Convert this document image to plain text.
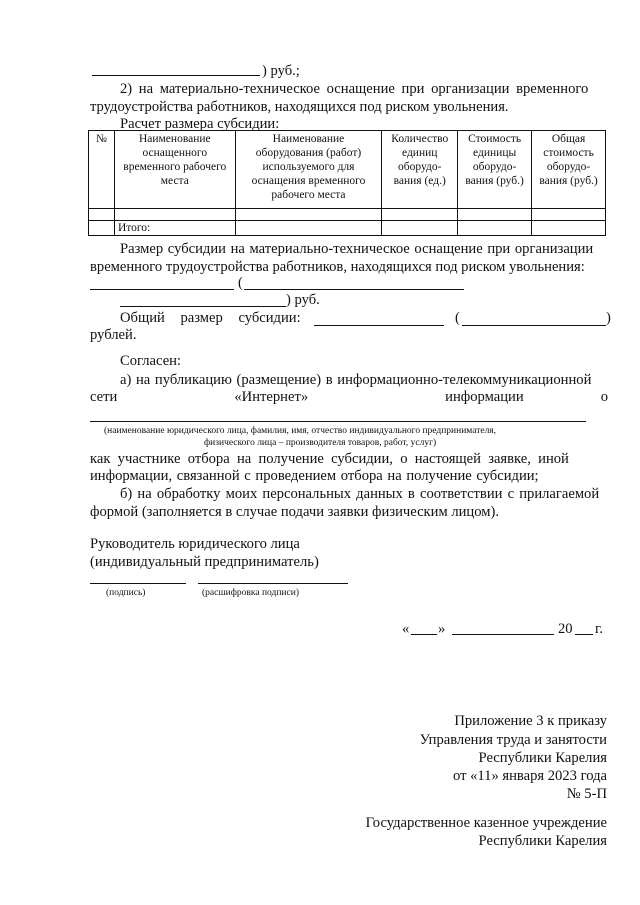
) руб.;
2) на материально-техническое оснащение при организации временного
трудоустройства работников, находящихся под риском увольнения.
Расчет размера субсидии:
№	Наименование оснащенного временного рабочего места	Наименование оборудования (работ) используемого для оснащения временного рабочего места	Количество единиц оборудо-вания (ед.)	Стоимость единицы оборудо-вания (руб.)	Общая стоимость оборудо-вания (руб.)

	Итого:				
Размер субсидии на материально-техническое оснащение при организации
временного трудоустройства работников, находящихся под риском увольнения:
(
) руб.
Общий размер субсидии:	(	)
рублей.
Согласен:
а) на публикацию (размещение) в информационно-телекоммуникационной
сети	«Интернет»	информации	о
(наименование юридического лица, фамилия, имя, отчество индивидуального предпринимателя,
физического лица – производителя товаров, работ, услуг)
как участнике отбора на получение субсидии, о настоящей заявке, иной
информации, связанной с проведением отбора на получение субсидии;
б) на обработку моих персональных данных в соответствии с прилагаемой
формой (заполняется в случае подачи заявки физическим лицом).
Руководитель юридического лица
(индивидуальный предприниматель)
(подпись)	(расшифровка подписи)
« »	20 г.
Приложение 3 к приказу
Управления труда и занятости
Республики Карелия
от «11» января 2023 года
№ 5-П
Государственное казенное учреждение
Республики Карелия
